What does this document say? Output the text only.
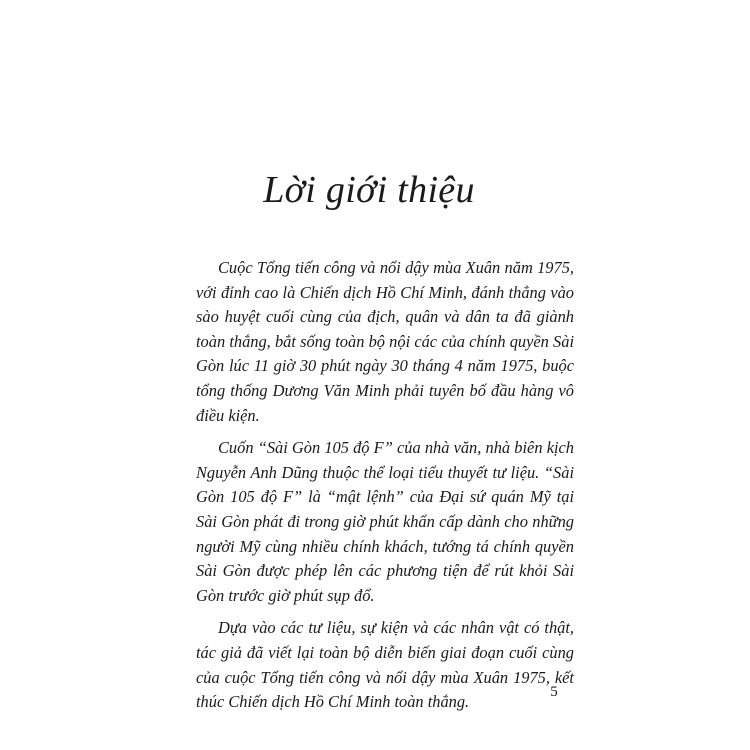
Lời giới thiệu

Cuộc Tổng tiến công và nổi dậy mùa Xuân năm 1975, với đỉnh cao là Chiến dịch Hồ Chí Minh, đánh thẳng vào sào huyệt cuối cùng của địch, quân và dân ta đã giành toàn thắng, bắt sống toàn bộ nội các của chính quyền Sài Gòn lúc 11 giờ 30 phút ngày 30 tháng 4 năm 1975, buộc tổng thống Dương Văn Minh phải tuyên bố đầu hàng vô điều kiện.

Cuốn “Sài Gòn 105 độ F” của nhà văn, nhà biên kịch Nguyễn Anh Dũng thuộc thể loại tiểu thuyết tư liệu. “Sài Gòn 105 độ F” là “mật lệnh” của Đại sứ quán Mỹ tại Sài Gòn phát đi trong giờ phút khẩn cấp dành cho những người Mỹ cùng nhiều chính khách, tướng tá chính quyền Sài Gòn được phép lên các phương tiện để rút khỏi Sài Gòn trước giờ phút sụp đổ.

Dựa vào các tư liệu, sự kiện và các nhân vật có thật, tác giả đã viết lại toàn bộ diễn biến giai đoạn cuối cùng của cuộc Tổng tiến công và nổi dậy mùa Xuân 1975, kết thúc Chiến dịch Hồ Chí Minh toàn thắng.

5
